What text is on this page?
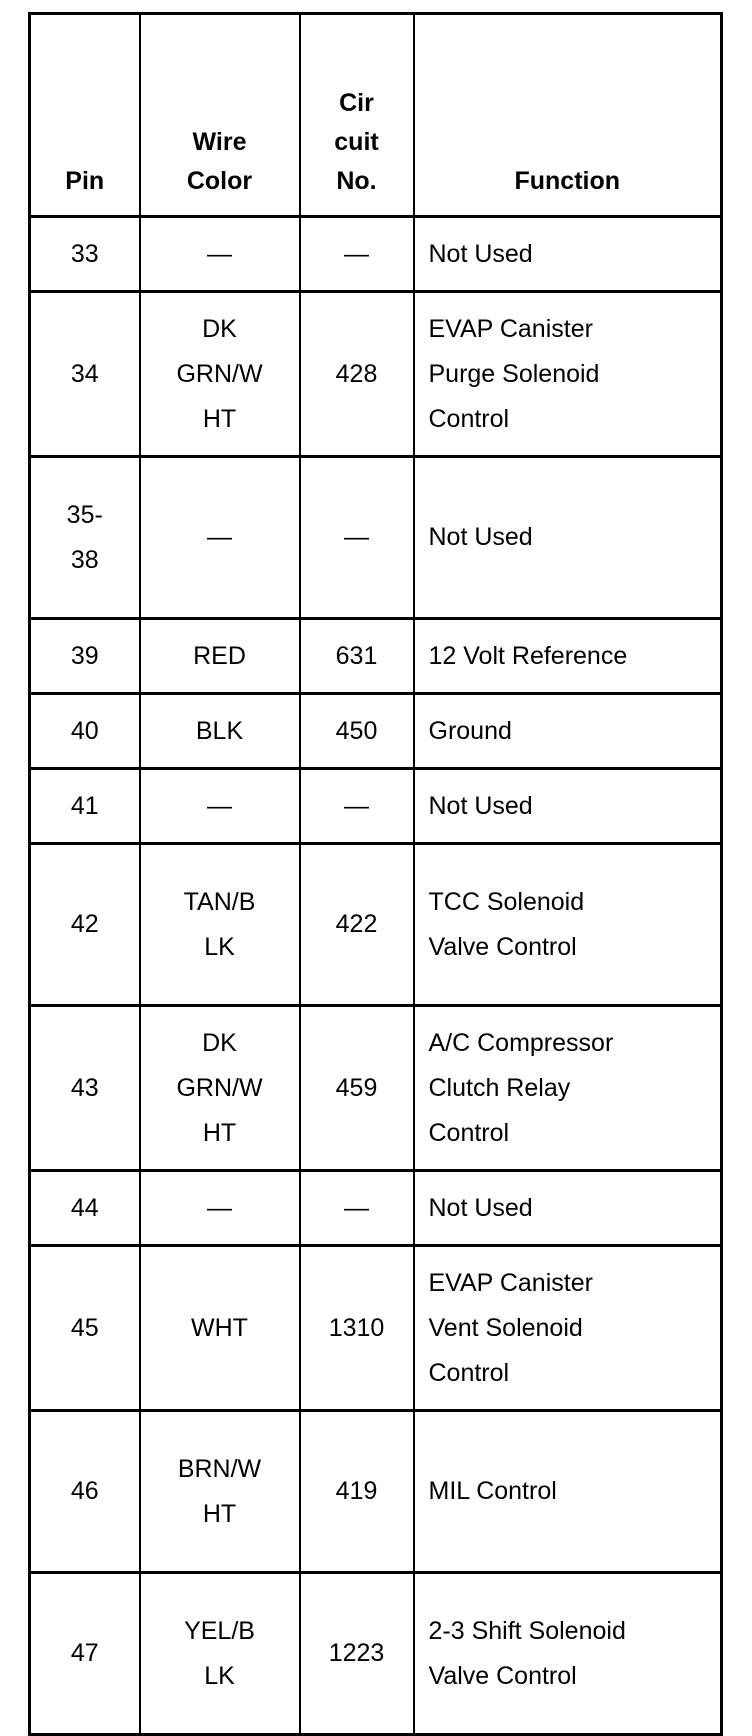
Pin	Wire
Color	Cir
cuit
No.	Function

33	—	—	Not Used

34	DK
GRN/W
HT	428	EVAP Canister
Purge Solenoid
Control

35-
38	—	—	Not Used

39	RED	631	12 Volt Reference

40	BLK	450	Ground

41	—	—	Not Used

42	TAN/B
LK	422	TCC Solenoid
Valve Control

43	DK
GRN/W
HT	459	A/C Compressor
Clutch Relay
Control

44	—	—	Not Used

45	WHT	1310	EVAP Canister
Vent Solenoid
Control

46	BRN/W
HT	419	MIL Control

47	YEL/B
LK	1223	2-3 Shift Solenoid
Valve Control
